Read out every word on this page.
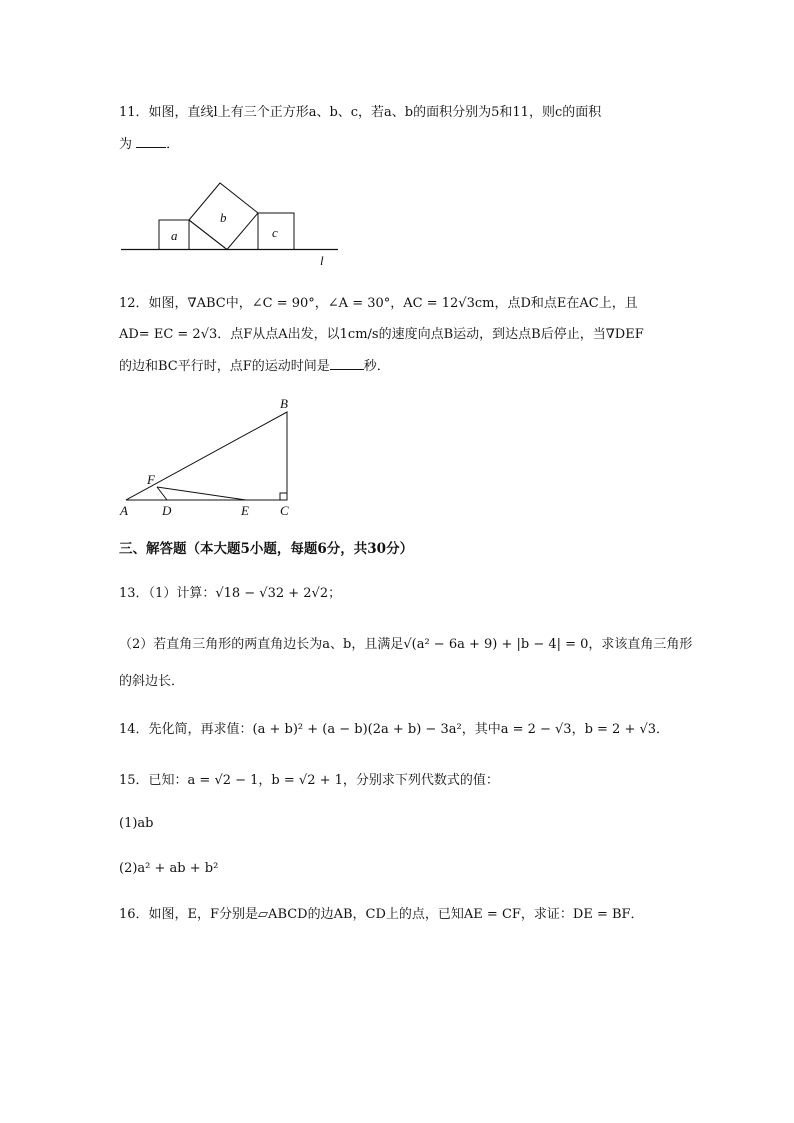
11．如图，直线l上有三个正方形a、b、c，若a、b的面积分别为5和11，则c的面积
为	．
a
b
c
l
12．如图，∇ABC中，∠C = 90°，∠A = 30°，AC = 12√3cm，点D和点E在AC上，且
AD= EC = 2√3．点F从点A出发，以1cm/s的速度向点B运动，到达点B后停止，当∇DEF
的边和BC平行时，点F的运动时间是	秒．
B
F
A	D	E C
三、解答题（本大题5小题，每题6分，共30分）
13．（1）计算：√18 − √32 + 2√2；
（2）若直角三角形的两直角边长为a、b，且满足√(a² − 6a + 9) + |b − 4| = 0，求该直角三角形
的斜边长．
14．先化简，再求值：(a + b)² + (a − b)(2a + b) − 3a²，其中a = 2 − √3，b = 2 + √3．
15．已知：a = √2 − 1，b = √2 + 1，分别求下列代数式的值：
(1)ab
(2)a² + ab + b²
16．如图，E，F分别是▱ABCD的边AB，CD上的点，已知AE = CF，求证：DE = BF．
